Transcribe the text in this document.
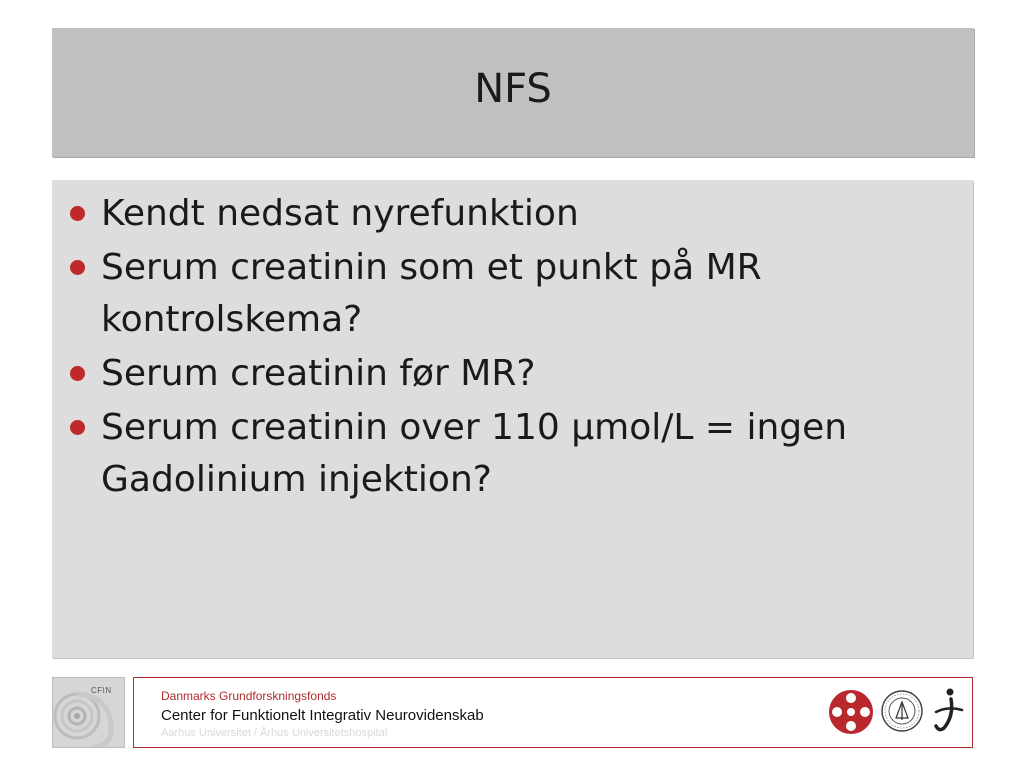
NFS
Kendt nedsat nyrefunktion
Serum creatinin som et punkt på MR kontrolskema?
Serum creatinin før MR?
Serum creatinin over 110 μmol/L = ingen Gadolinium injektion?
CFIN	Danmarks Grundforskningsfonds
Center for Funktionelt Integrativ Neurovidenskab
Aarhus Universitet / Århus Universitetshospital
